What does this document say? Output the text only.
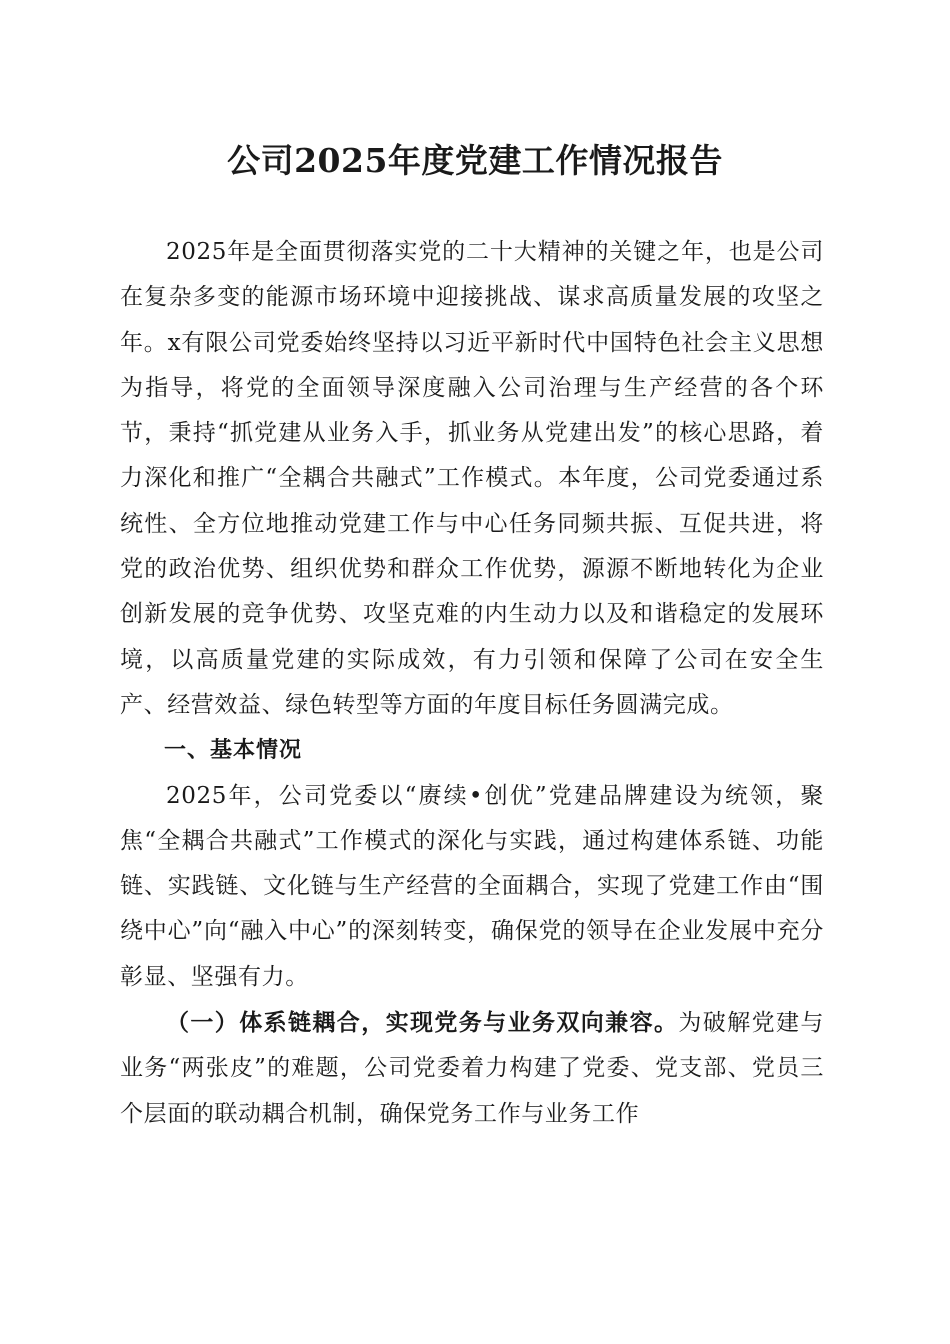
公司2025年度党建工作情况报告

2025年是全面贯彻落实党的二十大精神的关键之年，也是公司在复杂多变的能源市场环境中迎接挑战、谋求高质量发展的攻坚之年。x有限公司党委始终坚持以习近平新时代中国特色社会主义思想为指导，将党的全面领导深度融入公司治理与生产经营的各个环节，秉持“抓党建从业务入手，抓业务从党建出发”的核心思路，着力深化和推广“全耦合共融式”工作模式。本年度，公司党委通过系统性、全方位地推动党建工作与中心任务同频共振、互促共进，将党的政治优势、组织优势和群众工作优势，源源不断地转化为企业创新发展的竞争优势、攻坚克难的内生动力以及和谐稳定的发展环境，以高质量党建的实际成效，有力引领和保障了公司在安全生产、经营效益、绿色转型等方面的年度目标任务圆满完成。

一、基本情况

2025年，公司党委以“赓续•创优”党建品牌建设为统领，聚焦“全耦合共融式”工作模式的深化与实践，通过构建体系链、功能链、实践链、文化链与生产经营的全面耦合，实现了党建工作由“围绕中心”向“融入中心”的深刻转变，确保党的领导在企业发展中充分彰显、坚强有力。

（一）体系链耦合，实现党务与业务双向兼容。为破解党建与业务“两张皮”的难题，公司党委着力构建了党委、党支部、党员三个层面的联动耦合机制，确保党务工作与业务工作
